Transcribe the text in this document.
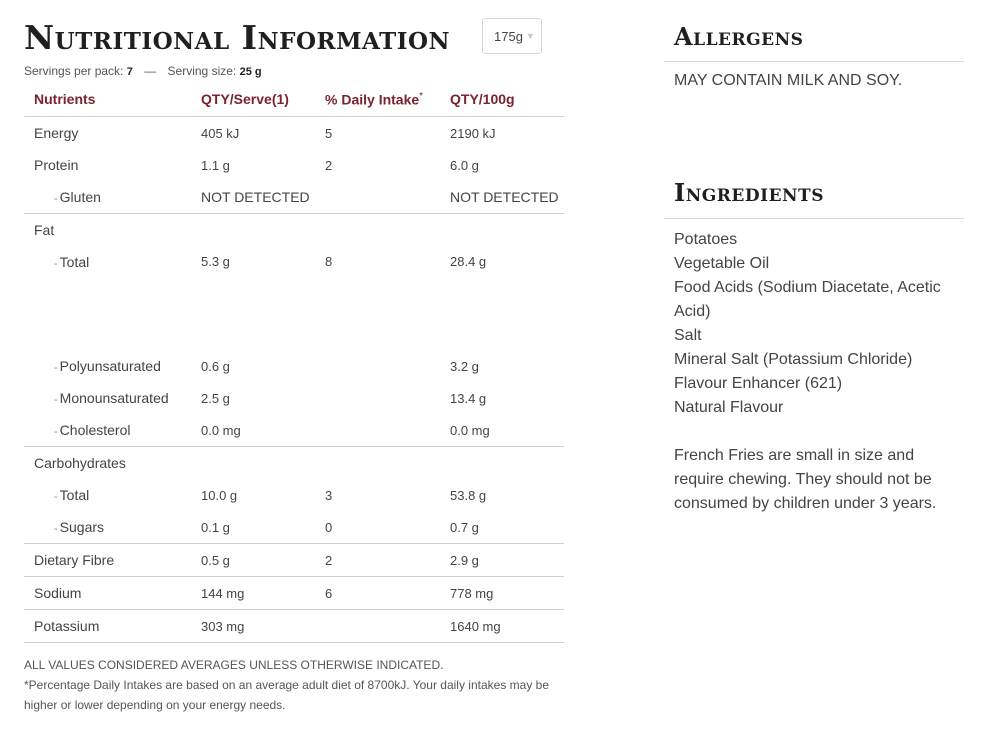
Nutritional Information	175g ▼
Servings per pack: 7 — Serving size: 25 g
Nutrients	QTY/Serve(1)	% Daily Intake*	QTY/100g
Energy	405 kJ	5	2190 kJ
Protein	1.1 g	2	6.0 g
- Gluten	NOT DETECTED		NOT DETECTED
Fat			
- Total	5.3 g	8	28.4 g

- Polyunsaturated	0.6 g		3.2 g
- Monounsaturated	2.5 g		13.4 g
- Cholesterol	0.0 mg		0.0 mg
Carbohydrates			
- Total	10.0 g	3	53.8 g
- Sugars	0.1 g	0	0.7 g
Dietary Fibre	0.5 g	2	2.9 g
Sodium	144 mg	6	778 mg
Potassium	303 mg		1640 mg
ALL VALUES CONSIDERED AVERAGES UNLESS OTHERWISE INDICATED.
*Percentage Daily Intakes are based on an average adult diet of 8700kJ. Your daily intakes may be higher or lower depending on your energy needs.
Allergens
MAY CONTAIN MILK AND SOY.
Ingredients
Potatoes
Vegetable Oil
Food Acids (Sodium Diacetate, Acetic Acid)
Salt
Mineral Salt (Potassium Chloride)
Flavour Enhancer (621)
Natural Flavour

French Fries are small in size and require chewing. They should not be consumed by children under 3 years.
